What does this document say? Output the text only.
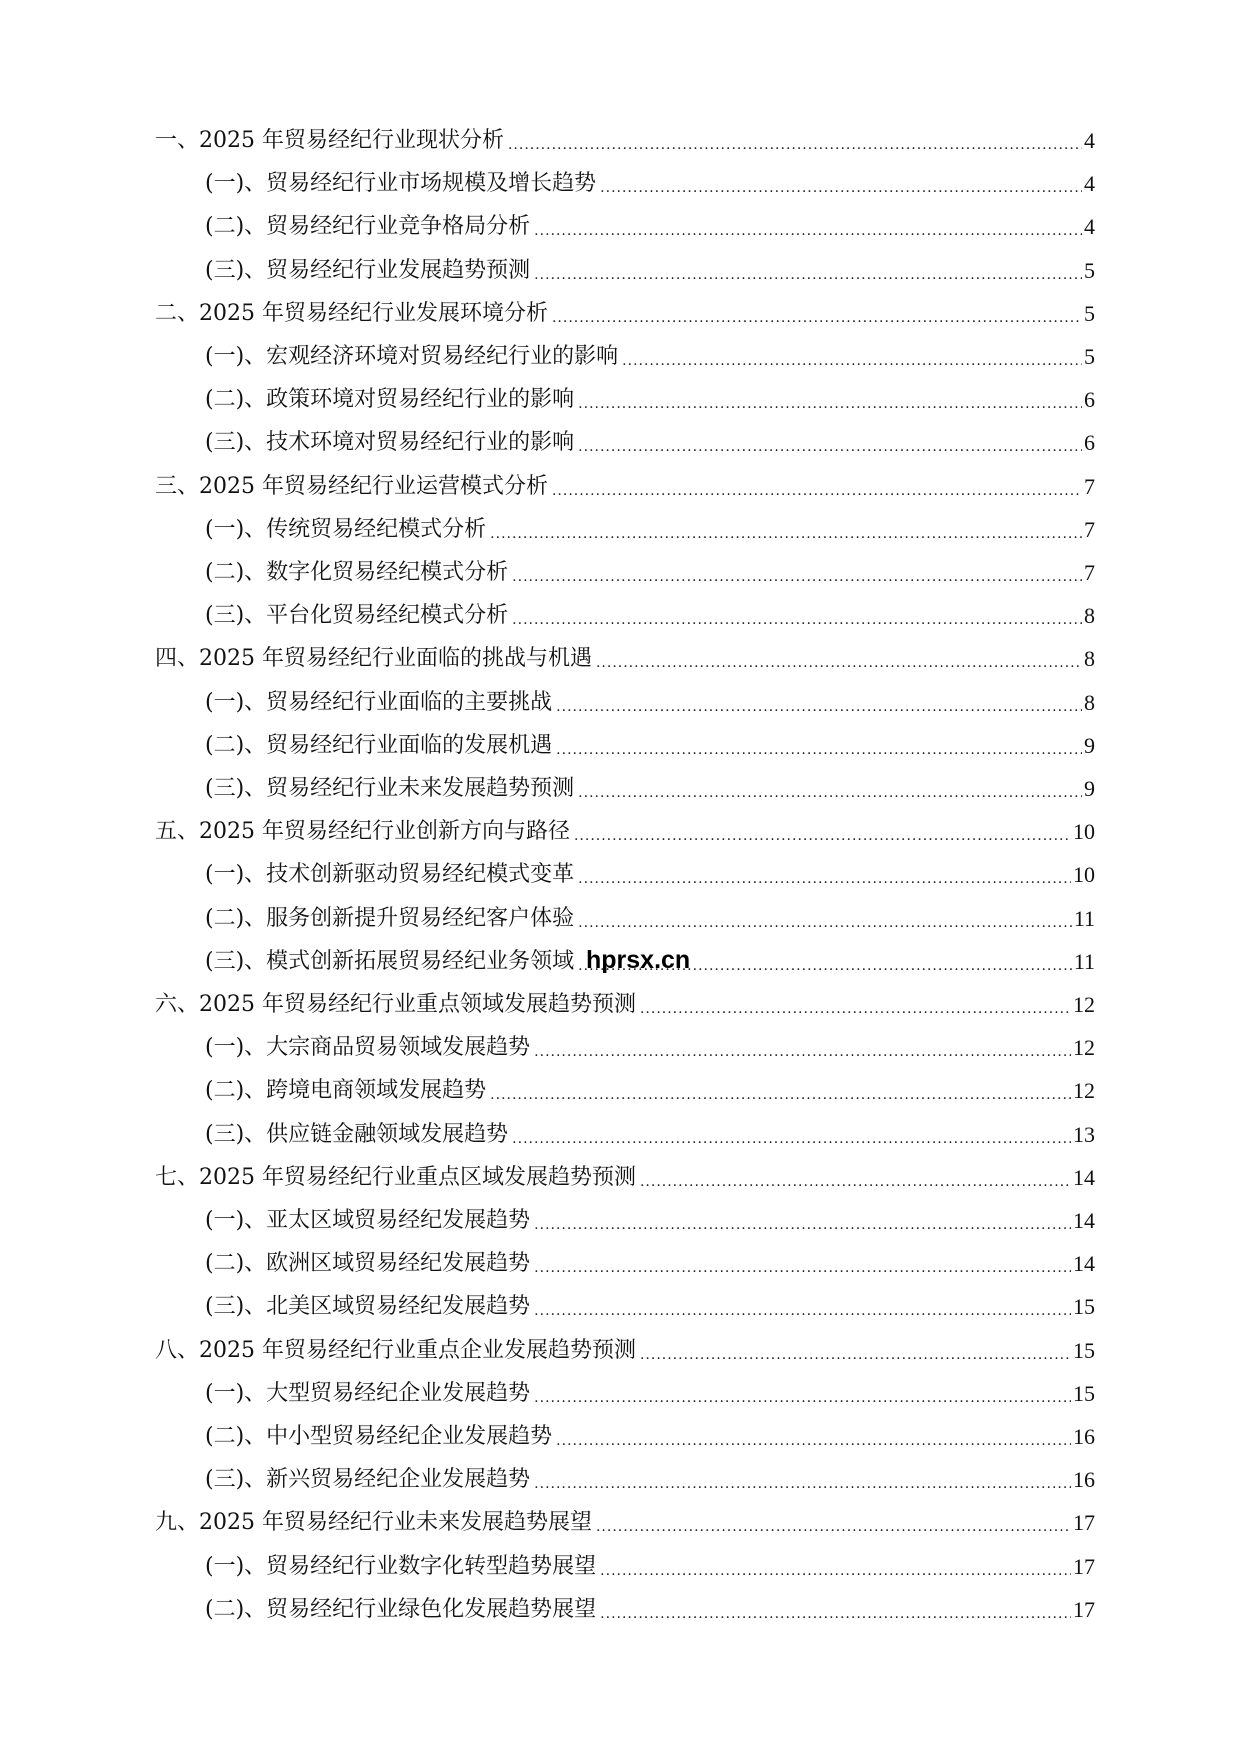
一、2025 年贸易经纪行业现状分析 .....	4
(一)、贸易经纪行业市场规模及增长趋势 .....	4
(二)、贸易经纪行业竞争格局分析 .....	4
(三)、贸易经纪行业发展趋势预测 .....	5
二、2025 年贸易经纪行业发展环境分析 .....	5
(一)、宏观经济环境对贸易经纪行业的影响 .....	5
(二)、政策环境对贸易经纪行业的影响 .....	6
(三)、技术环境对贸易经纪行业的影响 .....	6
三、2025 年贸易经纪行业运营模式分析 .....	7
(一)、传统贸易经纪模式分析 .....	7
(二)、数字化贸易经纪模式分析 .....	7
(三)、平台化贸易经纪模式分析 .....	8
四、2025 年贸易经纪行业面临的挑战与机遇 .....	8
(一)、贸易经纪行业面临的主要挑战 .....	8
(二)、贸易经纪行业面临的发展机遇 .....	9
(三)、贸易经纪行业未来发展趋势预测 .....	9
五、2025 年贸易经纪行业创新方向与路径 .....	10
(一)、技术创新驱动贸易经纪模式变革 .....	10
(二)、服务创新提升贸易经纪客户体验 .....	11
(三)、模式创新拓展贸易经纪业务领域 .....	11
六、2025 年贸易经纪行业重点领域发展趋势预测 .....	12
(一)、大宗商品贸易领域发展趋势 .....	12
(二)、跨境电商领域发展趋势 .....	12
(三)、供应链金融领域发展趋势 .....	13
七、2025 年贸易经纪行业重点区域发展趋势预测 .....	14
(一)、亚太区域贸易经纪发展趋势 .....	14
(二)、欧洲区域贸易经纪发展趋势 .....	14
(三)、北美区域贸易经纪发展趋势 .....	15
八、2025 年贸易经纪行业重点企业发展趋势预测 .....	15
(一)、大型贸易经纪企业发展趋势 .....	15
(二)、中小型贸易经纪企业发展趋势 .....	16
(三)、新兴贸易经纪企业发展趋势 .....	16
九、2025 年贸易经纪行业未来发展趋势展望 .....	17
(一)、贸易经纪行业数字化转型趋势展望 .....	17
(二)、贸易经纪行业绿色化发展趋势展望 .....	17
hprsx.cn
